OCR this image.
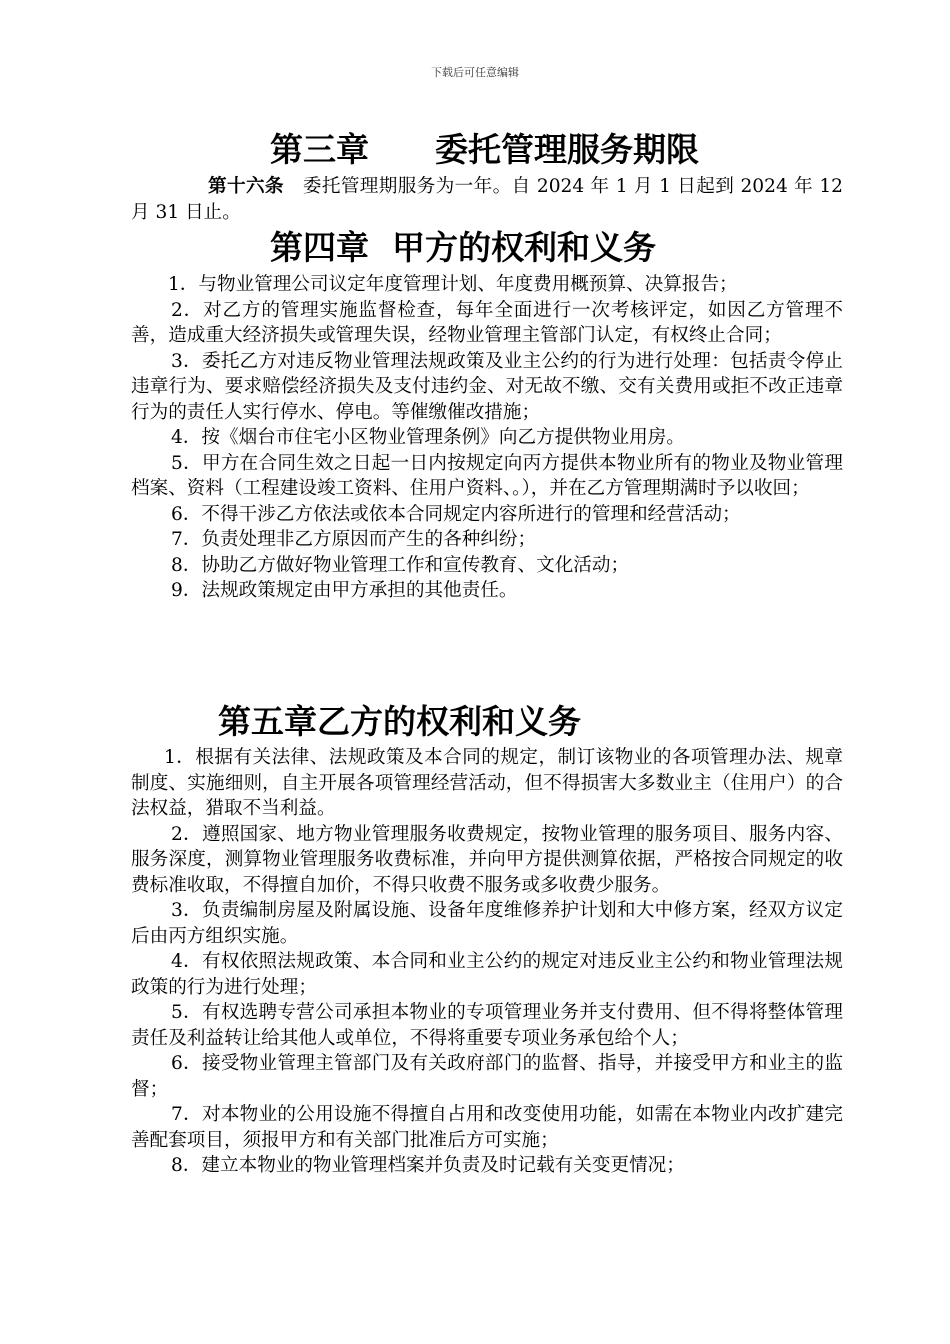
下载后可任意编辑
第三章　　委托管理服务期限

第十六条　委托管理期服务为一年。自 2024 年 1 月 1 日起到 2024 年 12 月 31 日止。

第四章  甲方的权利和义务

1．与物业管理公司议定年度管理计划、年度费用概预算、决算报告；

2．对乙方的管理实施监督检查，每年全面进行一次考核评定，如因乙方管理不善，造成重大经济损失或管理失误，经物业管理主管部门认定，有权终止合同；

3．委托乙方对违反物业管理法规政策及业主公约的行为进行处理：包括责令停止违章行为、要求赔偿经济损失及支付违约金、对无故不缴、交有关费用或拒不改正违章行为的责任人实行停水、停电。等催缴催改措施；

4．按《烟台市住宅小区物业管理条例》向乙方提供物业用房。

5．甲方在合同生效之日起一日内按规定向丙方提供本物业所有的物业及物业管理档案、资料（工程建设竣工资料、住用户资料、。），并在乙方管理期满时予以收回；

6．不得干涉乙方依法或依本合同规定内容所进行的管理和经营活动；

7．负责处理非乙方原因而产生的各种纠纷；

8．协助乙方做好物业管理工作和宣传教育、文化活动；

9．法规政策规定由甲方承担的其他责任。

第五章乙方的权利和义务

1．根据有关法律、法规政策及本合同的规定，制订该物业的各项管理办法、规章制度、实施细则，自主开展各项管理经营活动，但不得损害大多数业主（住用户）的合法权益，猎取不当利益。

2．遵照国家、地方物业管理服务收费规定，按物业管理的服务项目、服务内容、服务深度，测算物业管理服务收费标准，并向甲方提供测算依据，严格按合同规定的收费标准收取，不得擅自加价，不得只收费不服务或多收费少服务。

3．负责编制房屋及附属设施、设备年度维修养护计划和大中修方案，经双方议定后由丙方组织实施。

4．有权依照法规政策、本合同和业主公约的规定对违反业主公约和物业管理法规政策的行为进行处理；

5．有权选聘专营公司承担本物业的专项管理业务并支付费用、但不得将整体管理责任及利益转让给其他人或单位，不得将重要专项业务承包给个人；

6．接受物业管理主管部门及有关政府部门的监督、指导，并接受甲方和业主的监督；

7．对本物业的公用设施不得擅自占用和改变使用功能，如需在本物业内改扩建完善配套项目，须报甲方和有关部门批准后方可实施；

8．建立本物业的物业管理档案并负责及时记载有关变更情况；
